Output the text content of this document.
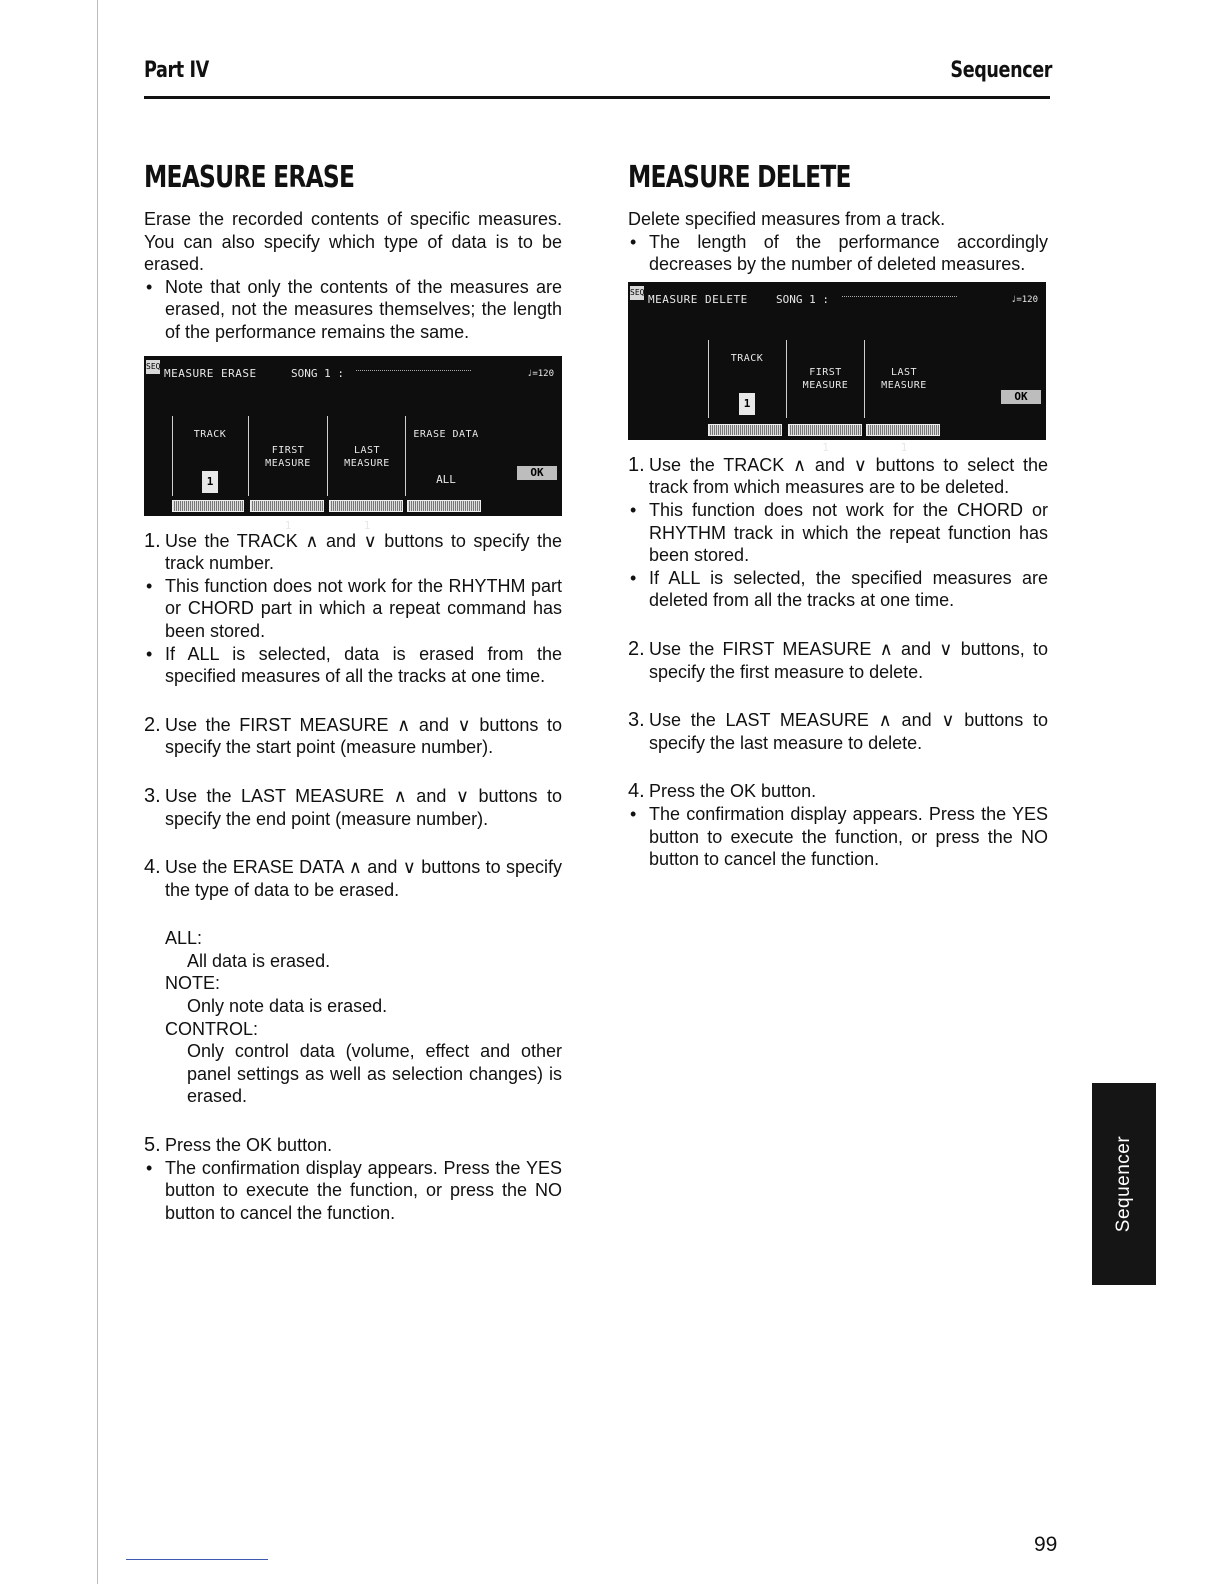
Part IV	Sequencer
MEASURE ERASE

Erase the recorded contents of specific measures. You can also specify which type of data is to be erased.

• Note that only the contents of the measures are erased, not the measures themselves; the length of the performance remains the same.

SEQ
MEASURE ERASE	SONG 1 :	♩=120
TRACK
1

FIRST
MEASURE

1

LAST
MEASURE

1

ERASE DATA
ALL
OK

1. Use the TRACK ∧ and ∨ buttons to specify the track number.

• This function does not work for the RHYTHM part or CHORD part in which a repeat command has been stored.

• If ALL is selected, data is erased from the specified measures of all the tracks at one time.

2. Use the FIRST MEASURE ∧ and ∨ buttons to specify the start point (measure number).

3. Use the LAST MEASURE ∧ and ∨ buttons to specify the end point (measure number).

4. Use the ERASE DATA ∧ and ∨ buttons to specify the type of data to be erased.

ALL:
All data is erased.
NOTE:
Only note data is erased.
CONTROL:
Only control data (volume, effect and other panel settings as well as selection changes) is erased.

5. Press the OK button.

• The confirmation display appears. Press the YES button to execute the function, or press the NO button to cancel the function.

MEASURE DELETE

Delete specified measures from a track.

• The length of the performance accordingly decreases by the number of deleted measures.

SEQ
MEASURE DELETE	SONG 1 :	♩=120
TRACK
1

FIRST
MEASURE

1

LAST
MEASURE

1

OK

1. Use the TRACK ∧ and ∨ buttons to select the track from which measures are to be deleted.

• This function does not work for the CHORD or RHYTHM track in which the repeat function has been stored.

• If ALL is selected, the specified measures are deleted from all the tracks at one time.

2. Use the FIRST MEASURE ∧ and ∨ buttons, to specify the first measure to delete.

3. Use the LAST MEASURE ∧ and ∨ buttons to specify the last measure to delete.

4. Press the OK button.

• The confirmation display appears. Press the YES button to execute the function, or press the NO button to cancel the function.

Sequencer
99
